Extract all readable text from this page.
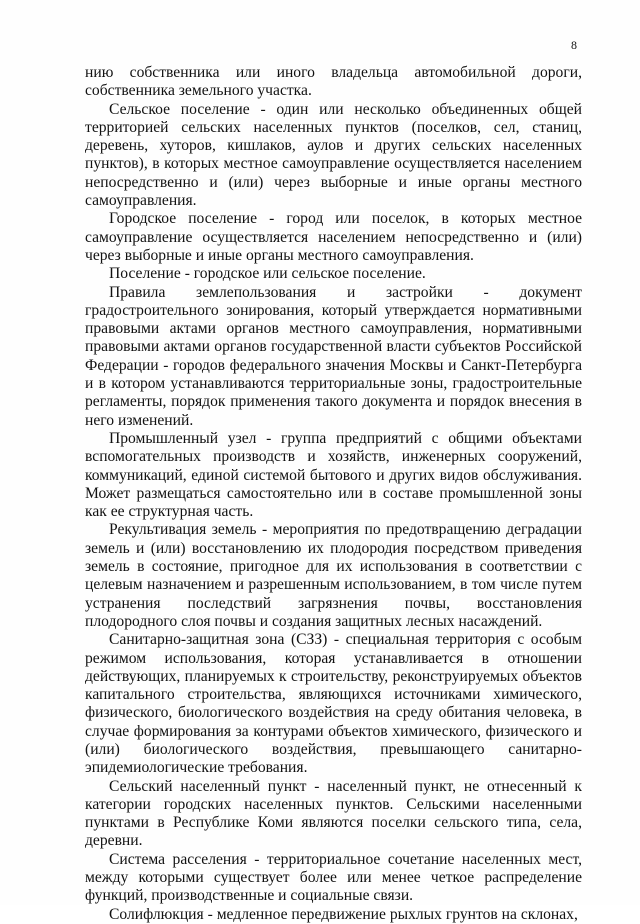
8

нию собственника или иного владельца автомобильной дороги, собственника земельного участка.

Сельское поселение - один или несколько объединенных общей территорией сельских населенных пунктов (поселков, сел, станиц, деревень, хуторов, кишлаков, аулов и других сельских населенных пунктов), в которых местное самоуправление осуществляется населением непосредственно и (или) через выборные и иные органы местного самоуправления.

Городское поселение - город или поселок, в которых местное самоуправление осуществляется населением непосредственно и (или) через выборные и иные органы местного самоуправления.

Поселение - городское или сельское поселение.

Правила землепользования и застройки - документ градостроительного зонирования, который утверждается нормативными правовыми актами органов местного самоуправления, нормативными правовыми актами органов государственной власти субъектов Российской Федерации - городов федерального значения Москвы и Санкт-Петербурга и в котором устанавливаются территориальные зоны, градостроительные регламенты, порядок применения такого документа и порядок внесения в него изменений.

Промышленный узел - группа предприятий с общими объектами вспомогательных производств и хозяйств, инженерных сооружений, коммуникаций, единой системой бытового и других видов обслуживания. Может размещаться самостоятельно или в составе промышленной зоны как ее структурная часть.

Рекультивация земель - мероприятия по предотвращению деградации земель и (или) восстановлению их плодородия посредством приведения земель в состояние, пригодное для их использования в соответствии с целевым назначением и разрешенным использованием, в том числе путем устранения последствий загрязнения почвы, восстановления плодородного слоя почвы и создания защитных лесных насаждений.

Санитарно-защитная зона (СЗЗ) - специальная территория с особым режимом использования, которая устанавливается в отношении действующих, планируемых к строительству, реконструируемых объектов капитального строительства, являющихся источниками химического, физического, биологического воздействия на среду обитания человека, в случае формирования за контурами объектов химического, физического и (или) биологического воздействия, превышающего санитарно-эпидемиологические требования.

Сельский населенный пункт - населенный пункт, не отнесенный к категории городских населенных пунктов. Сельскими населенными пунктами в Республике Коми являются поселки сельского типа, села, деревни.

Система расселения - территориальное сочетание населенных мест, между которыми существует более или менее четкое распределение функций, производственные и социальные связи.

Солифлюкция - медленное передвижение рыхлых грунтов на склонах,
